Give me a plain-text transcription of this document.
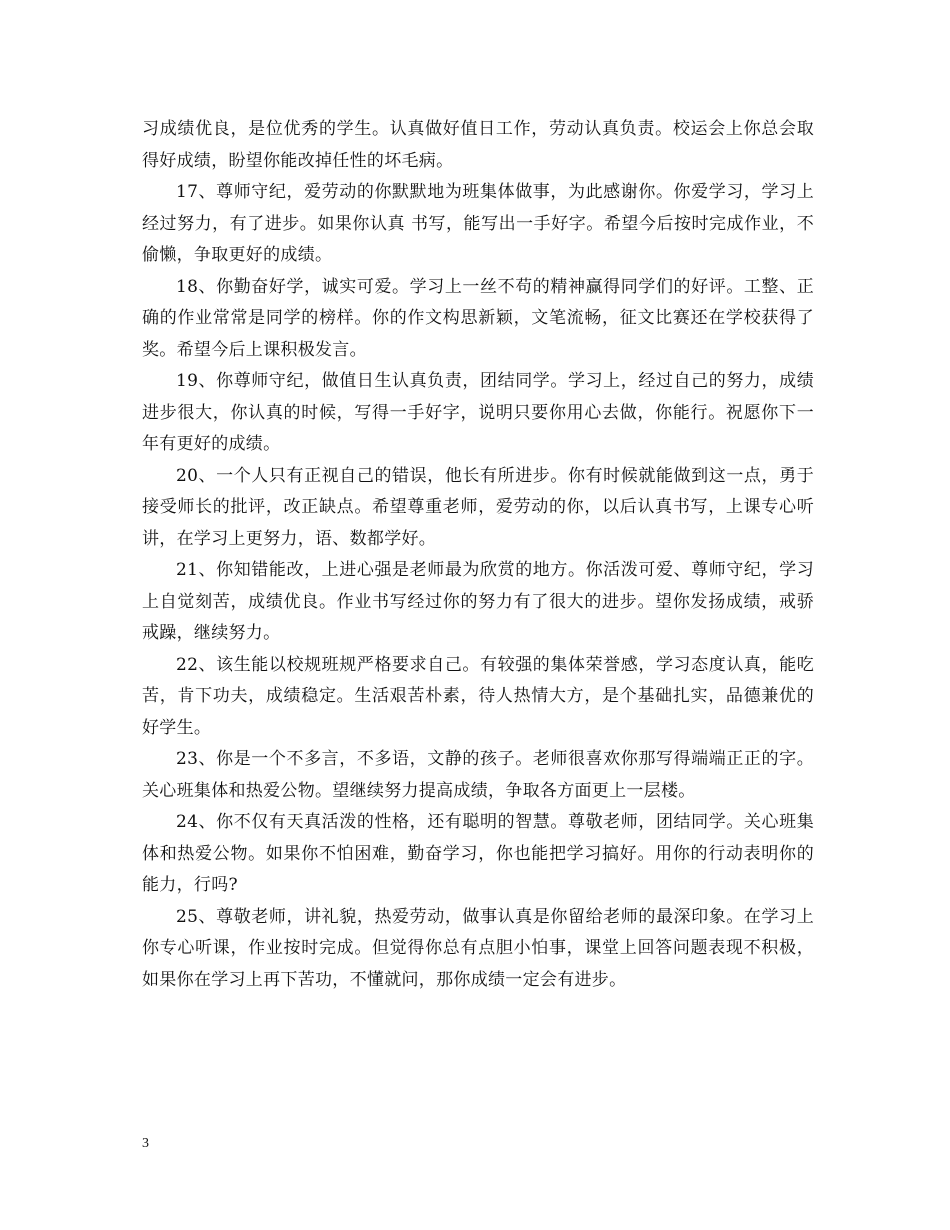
习成绩优良，是位优秀的学生。认真做好值日工作，劳动认真负责。校运会上你总会取得好成绩，盼望你能改掉任性的坏毛病。

17、尊师守纪，爱劳动的你默默地为班集体做事，为此感谢你。你爱学习，学习上经过努力，有了进步。如果你认真 书写，能写出一手好字。希望今后按时完成作业，不偷懒，争取更好的成绩。

18、你勤奋好学，诚实可爱。学习上一丝不苟的精神赢得同学们的好评。工整、正确的作业常常是同学的榜样。你的作文构思新颖，文笔流畅，征文比赛还在学校获得了奖。希望今后上课积极发言。

19、你尊师守纪，做值日生认真负责，团结同学。学习上，经过自己的努力，成绩进步很大，你认真的时候，写得一手好字，说明只要你用心去做，你能行。祝愿你下一年有更好的成绩。

20、一个人只有正视自己的错误，他长有所进步。你有时候就能做到这一点，勇于接受师长的批评，改正缺点。希望尊重老师，爱劳动的你，以后认真书写，上课专心听讲，在学习上更努力，语、数都学好。

21、你知错能改，上进心强是老师最为欣赏的地方。你活泼可爱、尊师守纪，学习上自觉刻苦，成绩优良。作业书写经过你的努力有了很大的进步。望你发扬成绩，戒骄戒躁，继续努力。

22、该生能以校规班规严格要求自己。有较强的集体荣誉感，学习态度认真，能吃苦，肯下功夫，成绩稳定。生活艰苦朴素，待人热情大方，是个基础扎实，品德兼优的好学生。

23、你是一个不多言，不多语，文静的孩子。老师很喜欢你那写得端端正正的字。关心班集体和热爱公物。望继续努力提高成绩，争取各方面更上一层楼。

24、你不仅有天真活泼的性格，还有聪明的智慧。尊敬老师，团结同学。关心班集体和热爱公物。如果你不怕困难，勤奋学习，你也能把学习搞好。用你的行动表明你的能力，行吗?

25、尊敬老师，讲礼貌，热爱劳动，做事认真是你留给老师的最深印象。在学习上你专心听课，作业按时完成。但觉得你总有点胆小怕事，课堂上回答问题表现不积极，如果你在学习上再下苦功，不懂就问，那你成绩一定会有进步。

3
